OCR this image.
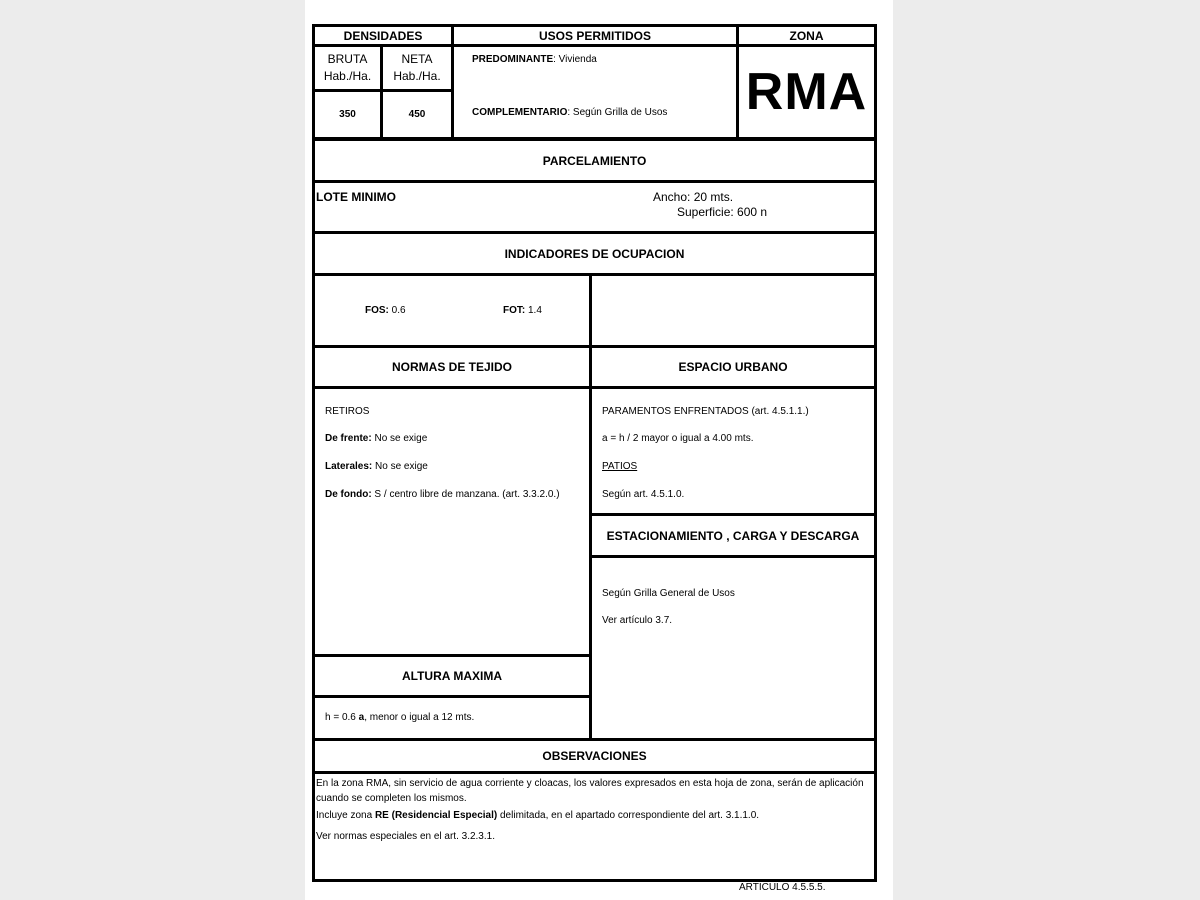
DENSIDADES	USOS PERMITIDOS	ZONA
BRUTA
Hab./Ha.
NETA
Hab./Ha.
350	450
PREDOMINANTE: Vivienda
COMPLEMENTARIO: Según Grilla de Usos RMA
PARCELAMIENTO
LOTE MINIMO	Ancho: 20 mts.
Superficie: 600 n
INDICADORES DE OCUPACION
FOS: 0.6	FOT: 1.4
NORMAS DE TEJIDO	ESPACIO URBANO
RETIROS
De frente: No se exige
Laterales: No se exige
De fondo: S / centro libre de manzana. (art. 3.3.2.0.)
PARAMENTOS ENFRENTADOS (art. 4.5.1.1.)
a = h / 2 mayor o igual a 4.00 mts.
PATIOS
Según art. 4.5.1.0.
ESTACIONAMIENTO , CARGA Y DESCARGA
Según Grilla General de Usos
Ver artículo 3.7.
ALTURA MAXIMA
h = 0.6 a, menor o igual a 12 mts.
OBSERVACIONES
En la zona RMA, sin servicio de agua corriente y cloacas, los valores expresados en esta hoja de zona, serán de aplicación cuando se completen los mismos.
Incluye zona RE (Residencial Especial) delimitada, en el apartado correspondiente del art. 3.1.1.0.
Ver normas especiales en el art. 3.2.3.1.
ARTICULO 4.5.5.5.
